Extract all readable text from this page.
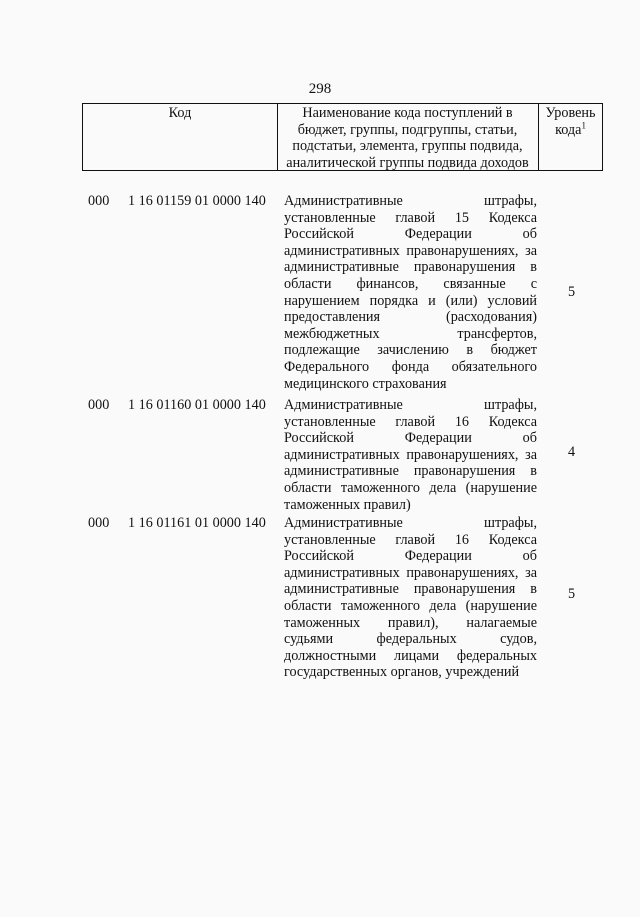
298
Код	Наименование кода поступлений в
бюджет, группы, подгруппы, статьи,
подстатьи, элемента, группы подвида,
аналитической группы подвида доходов
Уровень
кода$^1$
000 1 16 01159 01 0000 140 Административные штрафы,
установленные главой 15 Кодекса
Российской Федерации об
административных правонарушениях, за
административные правонарушения в
области финансов, связанные с
нарушением порядка и (или) условий
предоставления (расходования)
межбюджетных трансфертов,
подлежащие зачислению в бюджет
Федерального фонда обязательного
медицинского страхования
5
000 1 16 01160 01 0000 140 Административные штрафы,
установленные главой 16 Кодекса
Российской Федерации об
административных правонарушениях, за
административные правонарушения в
области таможенного дела (нарушение
таможенных правил)
4
000 1 16 01161 01 0000 140 Административные штрафы,
установленные главой 16 Кодекса
Российской Федерации об
административных правонарушениях, за
административные правонарушения в
области таможенного дела (нарушение
таможенных правил), налагаемые
судьями федеральных судов,
должностными лицами федеральных
государственных органов, учреждений
5
